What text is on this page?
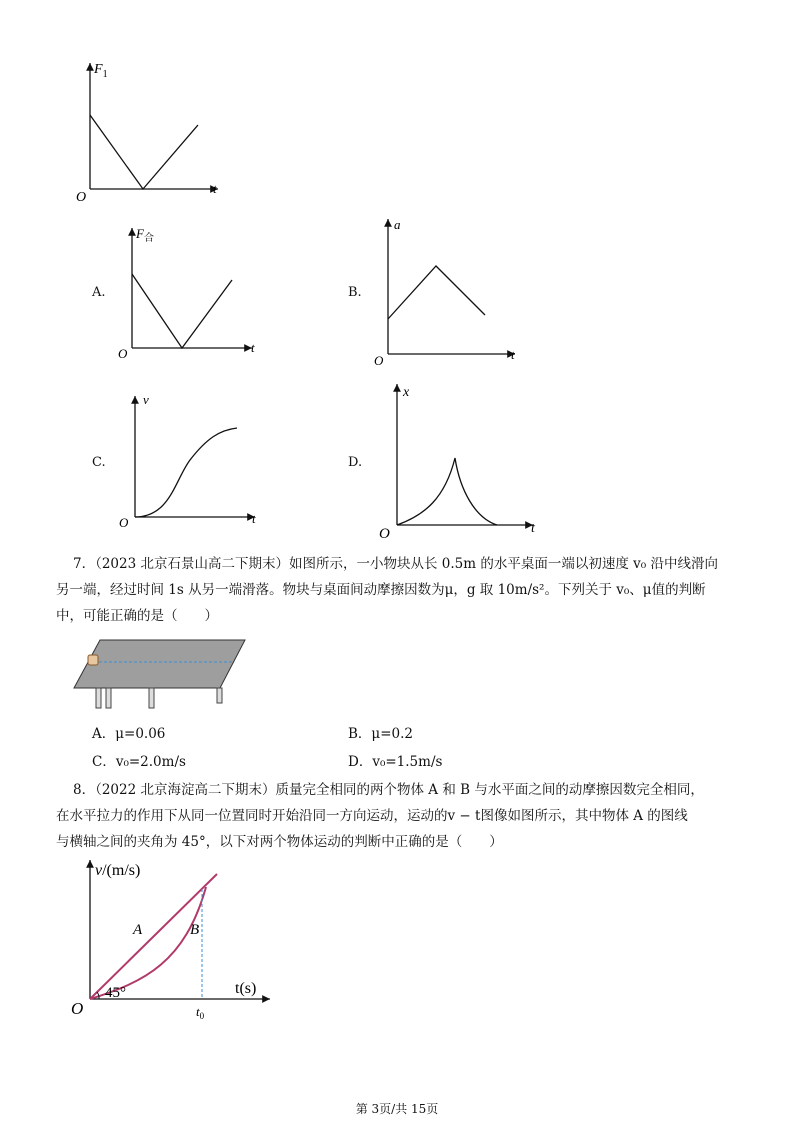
$F_1$
t
O
A.
$F_合$
t
O
B.
a
t
O
C.
v
t
O
D.
x
t
O
7．（2023 北京石景山高二下期末）如图所示，一小物块从长 0.5m 的水平桌面一端以初速度 v₀ 沿中线滑向
另一端，经过时间 1s 从另一端滑落。物块与桌面间动摩擦因数为μ，g 取 10m/s²。下列关于 v₀、μ值的判断
中，可能正确的是（　　）
A．μ=0.06	B．μ=0.2
C．v₀=2.0m/s	D．v₀=1.5m/s
8．（2022 北京海淀高二下期末）质量完全相同的两个物体 A 和 B 与水平面之间的动摩擦因数完全相同，
在水平拉力的作用下从同一位置同时开始沿同一方向运动，运动的v − t图像如图所示，其中物体 A 的图线
与横轴之间的夹角为 45°，以下对两个物体运动的判断中正确的是（　　）
v/(m/s)
A	B
45°	t(s)
O	$t_0$
第 3页/共 15页
